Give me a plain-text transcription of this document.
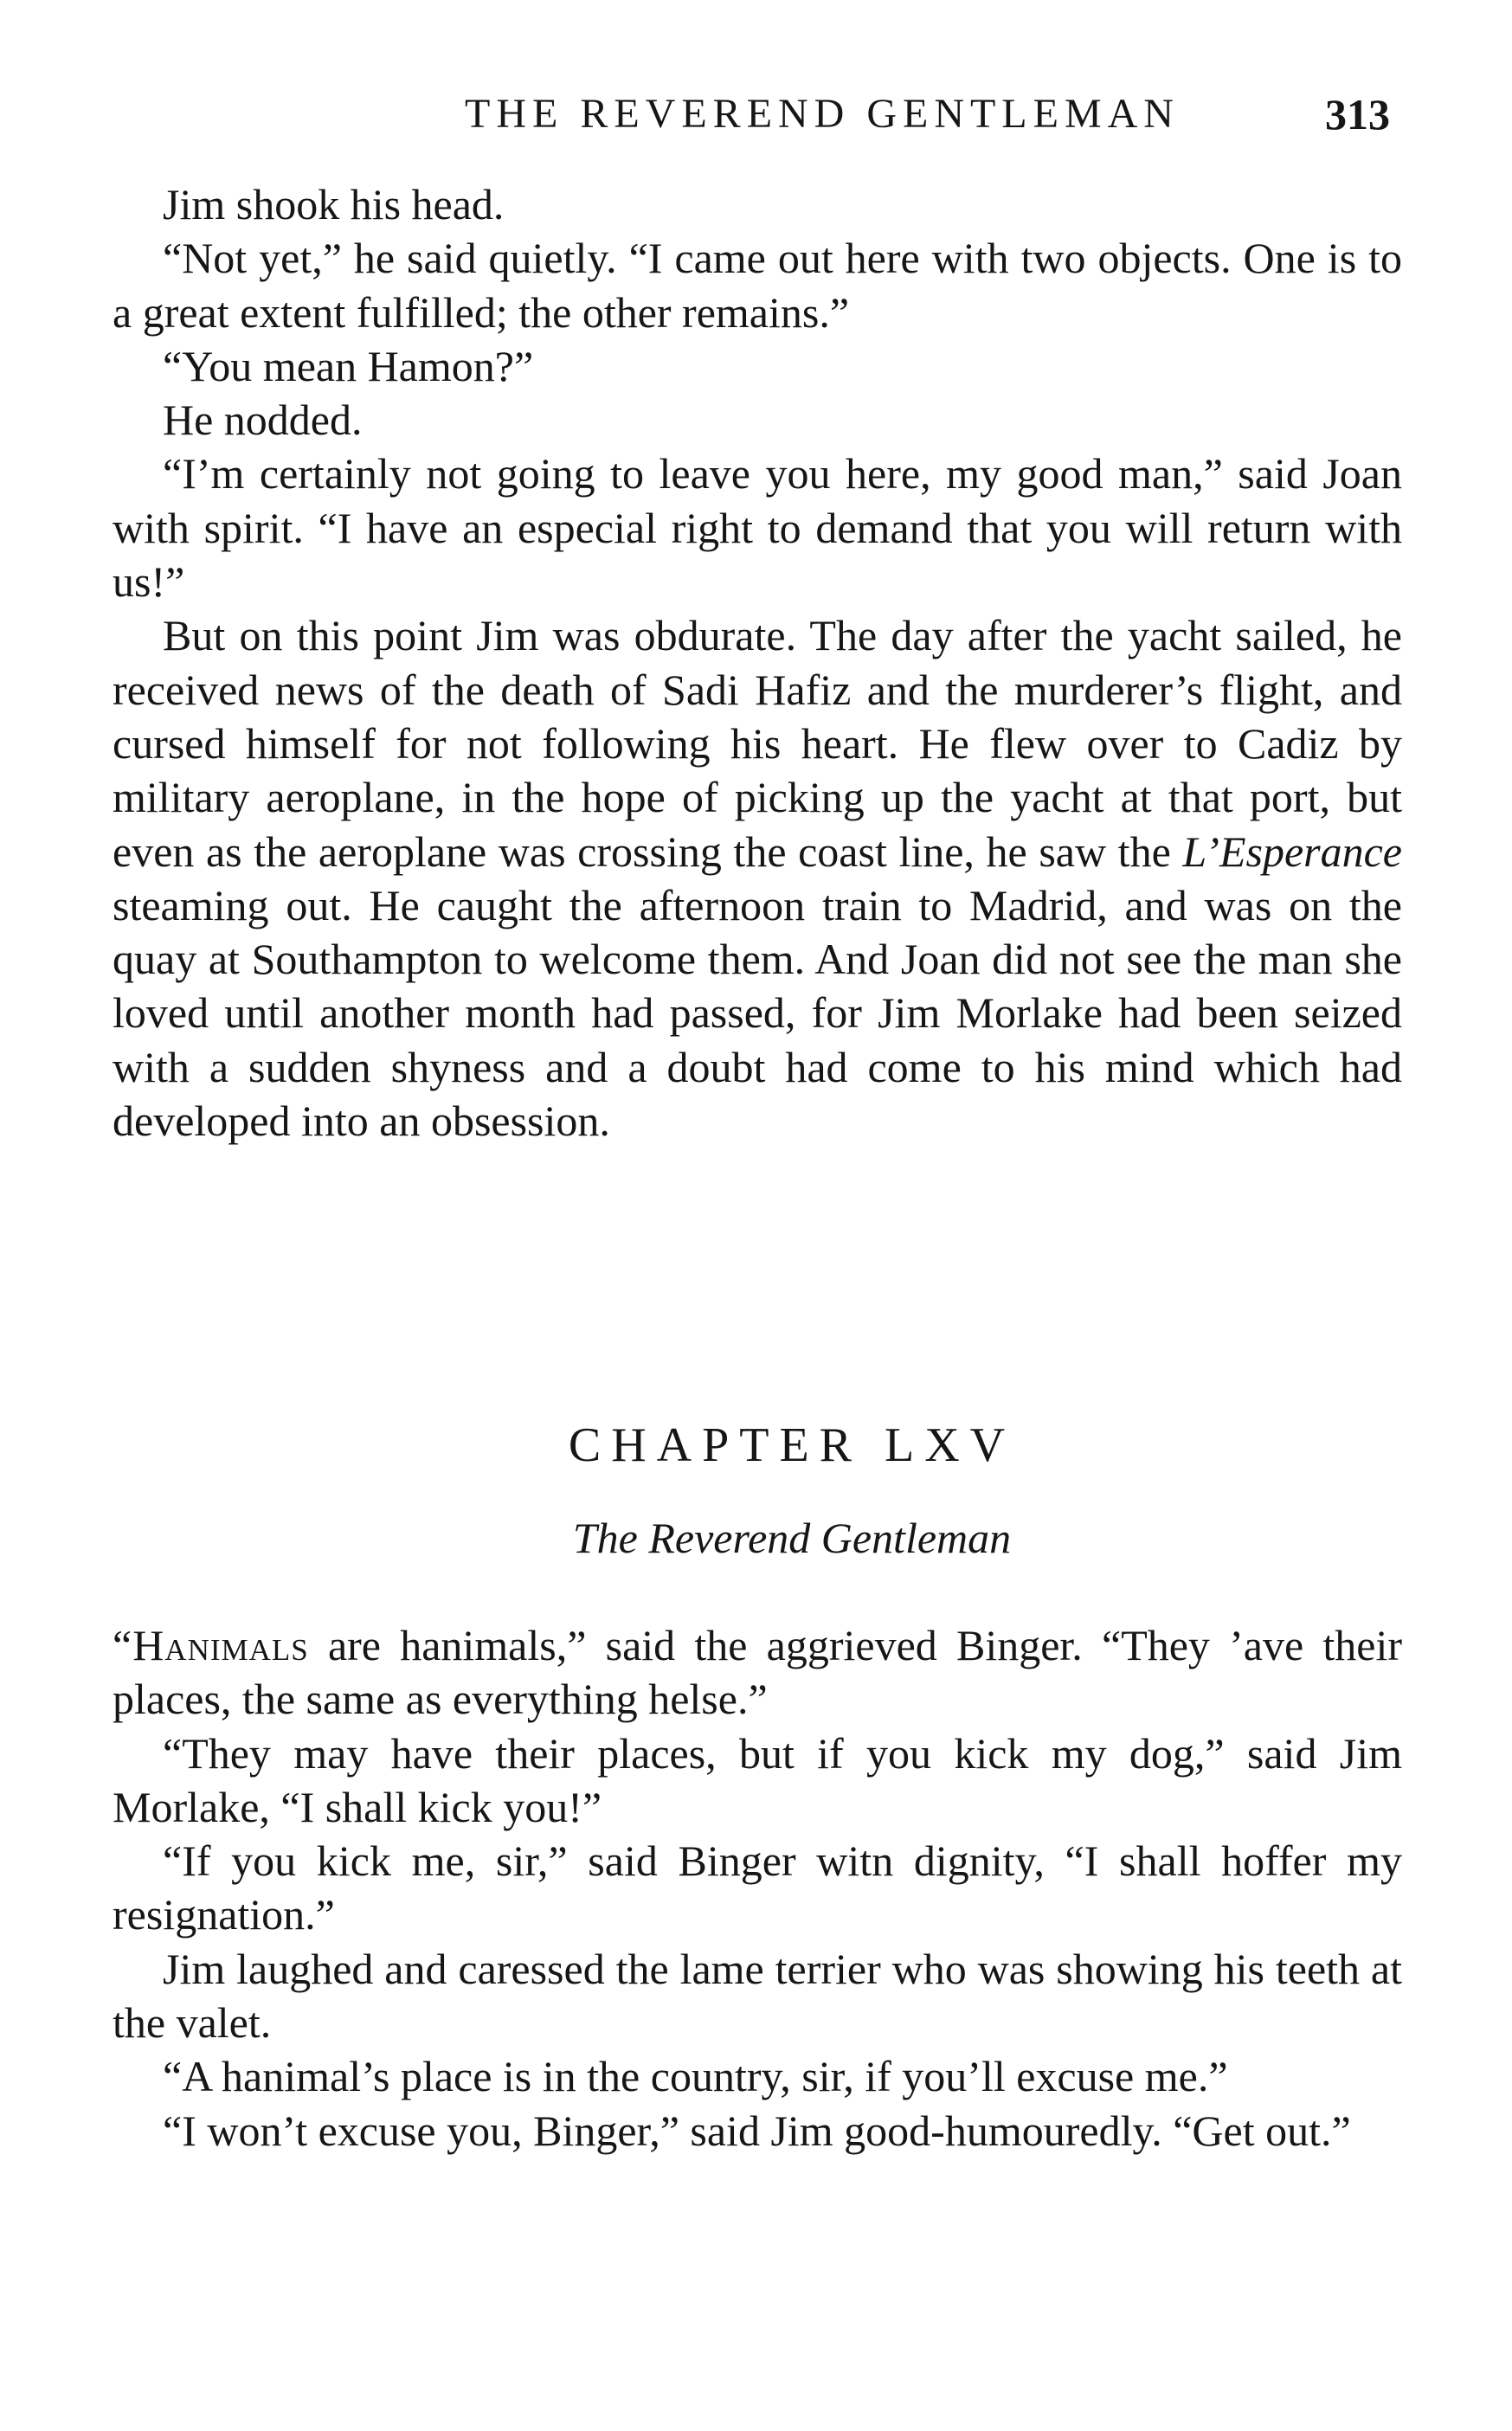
THE REVEREND GENTLEMAN	313

Jim shook his head.

“Not yet,” he said quietly. “I came out here with two objects. One is to a great extent fulfilled; the other remains.”

“You mean Hamon?”

He nodded.

“I’m certainly not going to leave you here, my good man,” said Joan with spirit. “I have an especial right to demand that you will return with us!”

But on this point Jim was obdurate. The day after the yacht sailed, he received news of the death of Sadi Hafiz and the murderer’s flight, and cursed himself for not following his heart. He flew over to Cadiz by military aeroplane, in the hope of picking up the yacht at that port, but even as the aeroplane was crossing the coast line, he saw the L’Esperance steaming out. He caught the afternoon train to Madrid, and was on the quay at Southampton to welcome them. And Joan did not see the man she loved until another month had passed, for Jim Morlake had been seized with a sudden shyness and a doubt had come to his mind which had developed into an obsession.

CHAPTER LXV
The Reverend Gentleman

“Hanimals are hanimals,” said the aggrieved Binger. “They ’ave their places, the same as everything helse.”

“They may have their places, but if you kick my dog,” said Jim Morlake, “I shall kick you!”

“If you kick me, sir,” said Binger witn dignity, “I shall hoffer my resignation.”

Jim laughed and caressed the lame terrier who was showing his teeth at the valet.

“A hanimal’s place is in the country, sir, if you’ll excuse me.”

“I won’t excuse you, Binger,” said Jim good-humouredly. “Get out.”
